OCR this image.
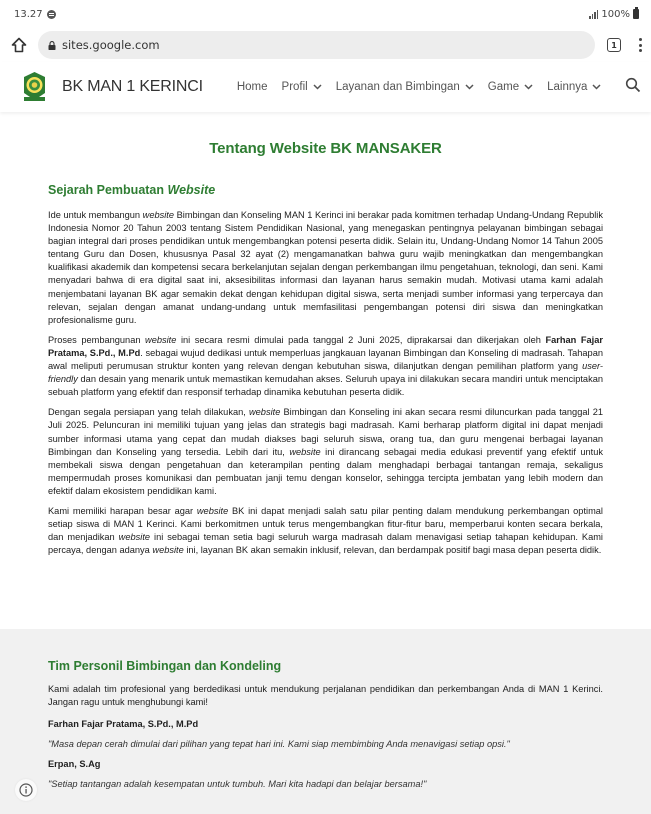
13.27	100%
sites.google.com	1
BK MAN 1 KERINCI	Home Profil Layanan dan Bimbingan Game Lainnya
Tentang Website BK MANSAKER
Sejarah Pembuatan Website

Ide untuk membangun website Bimbingan dan Konseling MAN 1 Kerinci ini berakar pada komitmen terhadap Undang-Undang Republik Indonesia Nomor 20 Tahun 2003 tentang Sistem Pendidikan Nasional, yang menegaskan pentingnya pelayanan bimbingan sebagai bagian integral dari proses pendidikan untuk mengembangkan potensi peserta didik. Selain itu, Undang-Undang Nomor 14 Tahun 2005 tentang Guru dan Dosen, khususnya Pasal 32 ayat (2) mengamanatkan bahwa guru wajib meningkatkan dan mengembangkan kualifikasi akademik dan kompetensi secara berkelanjutan sejalan dengan perkembangan ilmu pengetahuan, teknologi, dan seni. Kami menyadari bahwa di era digital saat ini, aksesibilitas informasi dan layanan harus semakin mudah. Motivasi utama kami adalah menjembatani layanan BK agar semakin dekat dengan kehidupan digital siswa, serta menjadi sumber informasi yang terpercaya dan relevan, sejalan dengan amanat undang-undang untuk memfasilitasi pengembangan potensi diri siswa dan meningkatkan profesionalisme guru.

Proses pembangunan website ini secara resmi dimulai pada tanggal 2 Juni 2025, diprakarsai dan dikerjakan oleh Farhan Fajar Pratama, S.Pd., M.Pd. sebagai wujud dedikasi untuk memperluas jangkauan layanan Bimbingan dan Konseling di madrasah. Tahapan awal meliputi perumusan struktur konten yang relevan dengan kebutuhan siswa, dilanjutkan dengan pemilihan platform yang user-friendly dan desain yang menarik untuk memastikan kemudahan akses. Seluruh upaya ini dilakukan secara mandiri untuk menciptakan sebuah platform yang efektif dan responsif terhadap dinamika kebutuhan peserta didik.

Dengan segala persiapan yang telah dilakukan, website Bimbingan dan Konseling ini akan secara resmi diluncurkan pada tanggal 21 Juli 2025. Peluncuran ini memiliki tujuan yang jelas dan strategis bagi madrasah. Kami berharap platform digital ini dapat menjadi sumber informasi utama yang cepat dan mudah diakses bagi seluruh siswa, orang tua, dan guru mengenai berbagai layanan Bimbingan dan Konseling yang tersedia. Lebih dari itu, website ini dirancang sebagai media edukasi preventif yang efektif untuk membekali siswa dengan pengetahuan dan keterampilan penting dalam menghadapi berbagai tantangan remaja, sekaligus mempermudah proses komunikasi dan pembuatan janji temu dengan konselor, sehingga tercipta jembatan yang lebih modern dan efektif dalam ekosistem pendidikan kami.

Kami memiliki harapan besar agar website BK ini dapat menjadi salah satu pilar penting dalam mendukung perkembangan optimal setiap siswa di MAN 1 Kerinci. Kami berkomitmen untuk terus mengembangkan fitur-fitur baru, memperbarui konten secara berkala, dan menjadikan website ini sebagai teman setia bagi seluruh warga madrasah dalam menavigasi setiap tahapan kehidupan. Kami percaya, dengan adanya website ini, layanan BK akan semakin inklusif, relevan, dan berdampak positif bagi masa depan peserta didik.

Tim Personil Bimbingan dan Kondeling

Kami adalah tim profesional yang berdedikasi untuk mendukung perjalanan pendidikan dan perkembangan Anda di MAN 1 Kerinci. Jangan ragu untuk menghubungi kami!

Farhan Fajar Pratama, S.Pd., M.Pd
"Masa depan cerah dimulai dari pilihan yang tepat hari ini. Kami siap membimbing Anda menavigasi setiap opsi."
Erpan, S.Ag
"Setiap tantangan adalah kesempatan untuk tumbuh. Mari kita hadapi dan belajar bersama!"
